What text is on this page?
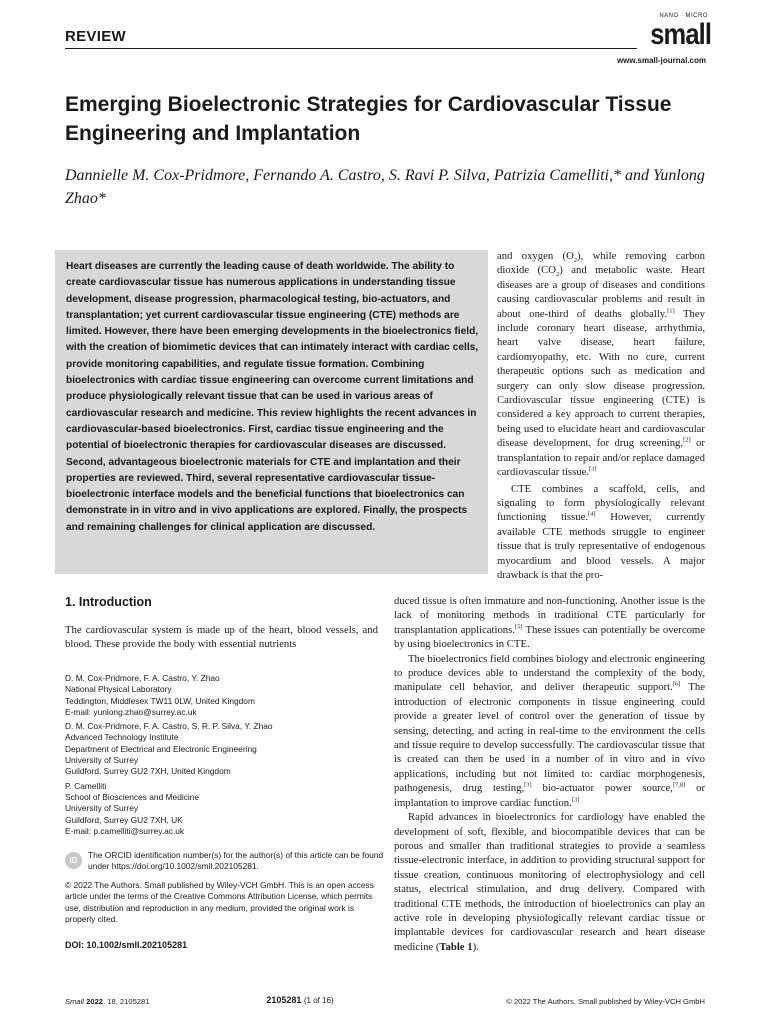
REVIEW
NANO · MICRO
small
www.small-journal.com
Emerging Bioelectronic Strategies for Cardiovascular Tissue Engineering and Implantation
Dannielle M. Cox-Pridmore, Fernando A. Castro, S. Ravi P. Silva, Patrizia Camelliti,* and Yunlong Zhao*
Heart diseases are currently the leading cause of death worldwide. The ability to create cardiovascular tissue has numerous applications in understanding tissue development, disease progression, pharmacological testing, bio-actuators, and transplantation; yet current cardiovascular tissue engineering (CTE) methods are limited. However, there have been emerging developments in the bioelectronics field, with the creation of biomimetic devices that can intimately interact with cardiac cells, provide monitoring capabilities, and regulate tissue formation. Combining bioelectronics with cardiac tissue engineering can overcome current limitations and produce physiologically relevant tissue that can be used in various areas of cardiovascular research and medicine. This review highlights the recent advances in cardiovascular-based bioelectronics. First, cardiac tissue engineering and the potential of bioelectronic therapies for cardiovascular diseases are discussed. Second, advantageous bioelectronic materials for CTE and implantation and their properties are reviewed. Third, several representative cardiovascular tissue-bioelectronic interface models and the beneficial functions that bioelectronics can demonstrate in in vitro and in vivo applications are explored. Finally, the prospects and remaining challenges for clinical application are discussed.

and oxygen $(O_2)$, while removing carbon dioxide $(CO_2)$ and metabolic waste. Heart diseases are a group of diseases and conditions causing cardiovascular problems and result in about one-third of deaths globally.[1] They include coronary heart disease, arrhythmia, heart valve disease, heart failure, cardiomyopathy, etc. With no cure, current therapeutic options such as medication and surgery can only slow disease progression. Cardiovascular tissue engineering (CTE) is considered a key approach to current therapies, being used to elucidate heart and cardiovascular disease development, for drug screening,[2] or transplantation to repair and/or replace damaged cardiovascular tissue.[3]

CTE combines a scaffold, cells, and signaling to form physiologically relevant functioning tissue.[4] However, currently available CTE methods struggle to engineer tissue that is truly representative of endogenous myocardium and blood vessels. A major drawback is that the pro-

1. Introduction

The cardiovascular system is made up of the heart, blood vessels, and blood. These provide the body with essential nutrients

duced tissue is often immature and non-functioning. Another issue is the lack of monitoring methods in traditional CTE particularly for transplantation applications.[5] These issues can potentially be overcome by using bioelectronics in CTE.

The bioelectronics field combines biology and electronic engineering to produce devices able to understand the complexity of the body, manipulate cell behavior, and deliver therapeutic support.[6] The introduction of electronic components in tissue engineering could provide a greater level of control over the generation of tissue by sensing, detecting, and acting in real-time to the environment the cells and tissue require to develop successfully. The cardiovascular tissue that is created can then be used in a number of in vitro and in vivo applications, including but not limited to: cardiac morphogenesis, pathogenesis, drug testing,[3] bio-actuator power source,[7,8] or implantation to improve cardiac function.[3]

Rapid advances in bioelectronics for cardiology have enabled the development of soft, flexible, and biocompatible devices that can be porous and smaller than traditional strategies to provide a seamless tissue-electronic interface, in addition to providing structural support for tissue creation, continuous monitoring of electrophysiology and cell status, electrical stimulation, and drug delivery. Compared with traditional CTE methods, the introduction of bioelectronics can play an active role in developing physiologically relevant cardiac tissue or implantable devices for cardiovascular research and heart disease medicine (Table 1).

D. M. Cox-Pridmore, F. A. Castro, Y. Zhao
National Physical Laboratory
Teddington, Middlesex TW11 0LW, United Kingdom
E-mail: yunlong.zhao@surrey.ac.uk
D. M. Cox-Pridmore, F. A. Castro, S. R. P. Silva, Y. Zhao
Advanced Technology Institute
Department of Electrical and Electronic Engineering
University of Surrey
Guildford, Surrey GU2 7XH, United Kingdom
P. Camelliti
School of Biosciences and Medicine
University of Surrey
Guildford, Surrey GU2 7XH, UK
E-mail: p.camelliti@surrey.ac.uk
iD
The ORCID identification number(s) for the author(s) of this article can be found under https://doi.org/10.1002/smll.202105281.
© 2022 The Authors. Small published by Wiley-VCH GmbH. This is an open access article under the terms of the Creative Commons Attribution License, which permits use, distribution and reproduction in any medium, provided the original work is properly cited.
DOI: 10.1002/smll.202105281
Small 2022, 18, 2105281	2105281 (1 of 16)	© 2022 The Authors. Small published by Wiley-VCH GmbH
